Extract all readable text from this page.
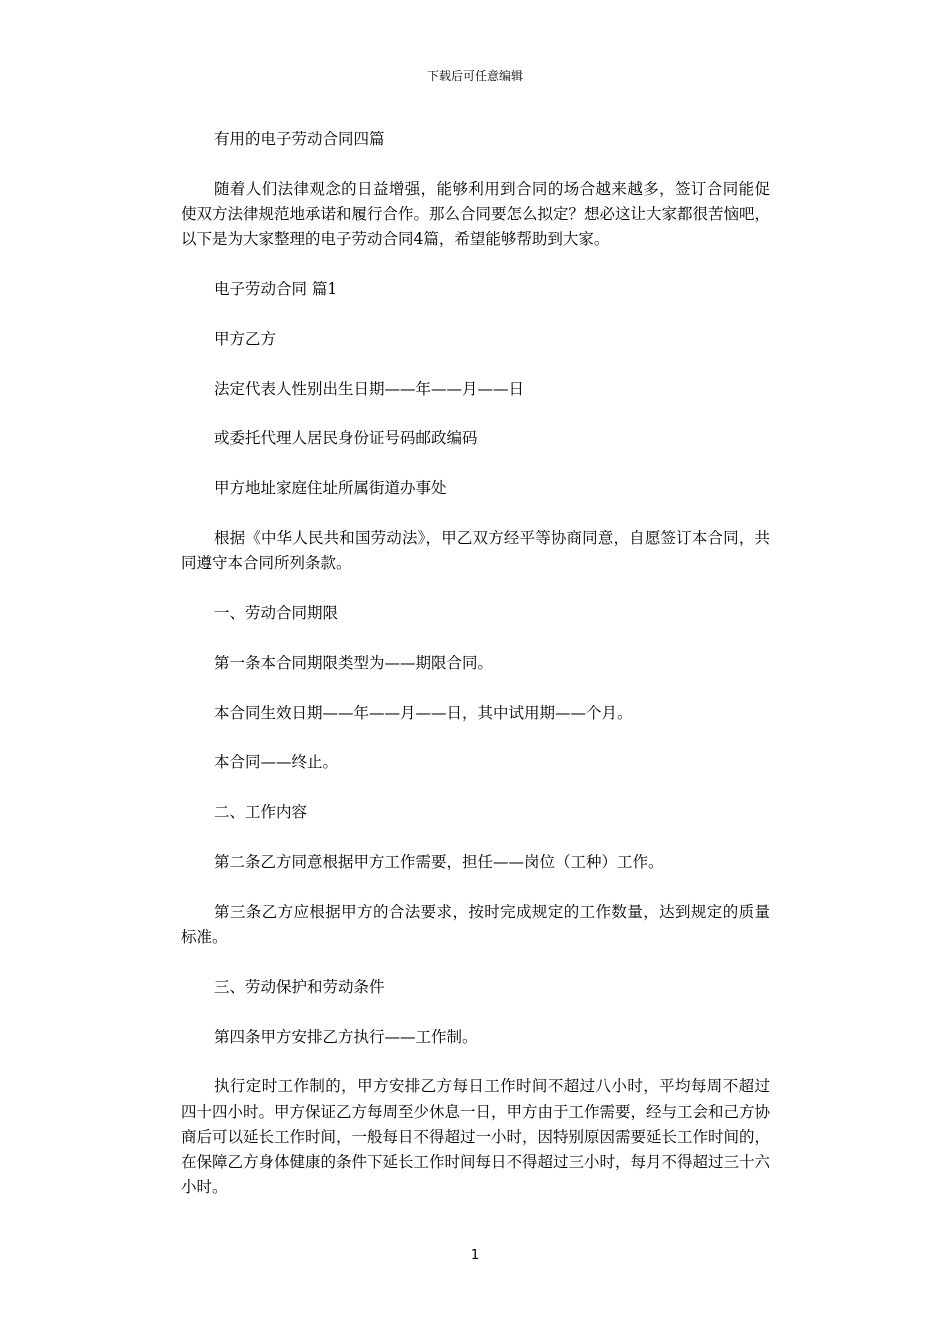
下载后可任意编辑

有用的电子劳动合同四篇

随着人们法律观念的日益增强，能够利用到合同的场合越来越多，签订合同能促使双方法律规范地承诺和履行合作。那么合同要怎么拟定？想必这让大家都很苦恼吧，以下是为大家整理的电子劳动合同4篇，希望能够帮助到大家。

电子劳动合同 篇1

甲方乙方

法定代表人性别出生日期——年——月——日

或委托代理人居民身份证号码邮政编码

甲方地址家庭住址所属街道办事处

根据《中华人民共和国劳动法》，甲乙双方经平等协商同意，自愿签订本合同，共同遵守本合同所列条款。

一、劳动合同期限

第一条本合同期限类型为——期限合同。

本合同生效日期——年——月——日，其中试用期——个月。

本合同——终止。

二、工作内容

第二条乙方同意根据甲方工作需要，担任——岗位（工种）工作。

第三条乙方应根据甲方的合法要求，按时完成规定的工作数量，达到规定的质量标准。

三、劳动保护和劳动条件

第四条甲方安排乙方执行——工作制。

执行定时工作制的，甲方安排乙方每日工作时间不超过八小时，平均每周不超过四十四小时。甲方保证乙方每周至少休息一日，甲方由于工作需要，经与工会和己方协商后可以延长工作时间，一般每日不得超过一小时，因特别原因需要延长工作时间的，在保障乙方身体健康的条件下延长工作时间每日不得超过三小时，每月不得超过三十六小时。

1
